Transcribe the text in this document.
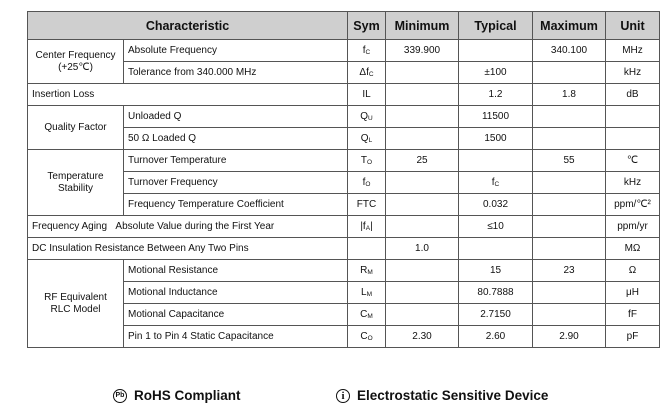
Characteristic		Sym	Minimum	Typical	Maximum	Unit
Center Frequency
(+25℃)	Absolute Frequency	fC	339.900		340.100	MHz
	Tolerance from 340.000 MHz	ΔfC		±100		kHz
Insertion Loss		IL		1.2	1.8	dB
Quality Factor	Unloaded Q	QU		11500		
	50 Ω Loaded Q	QL		1500		
Temperature
Stability	Turnover Temperature	TO	25		55	℃
	Turnover Frequency	fO		fC		kHz
	Frequency Temperature Coefficient	FTC		0.032		ppm/℃²
Frequency Aging Absolute Value during the First Year		|fA|		≤10		ppm/yr
DC Insulation Resistance Between Any Two Pins			1.0			MΩ
RF Equivalent
RLC Model	Motional Resistance	RM		15	23	Ω
	Motional Inductance	LM		80.7888		μH
	Motional Capacitance	CM		2.7150		fF
	Pin 1 to Pin 4 Static Capacitance	CO	2.30	2.60	2.90	pF
Pb RoHS Compliant	i Electrostatic Sensitive Device
